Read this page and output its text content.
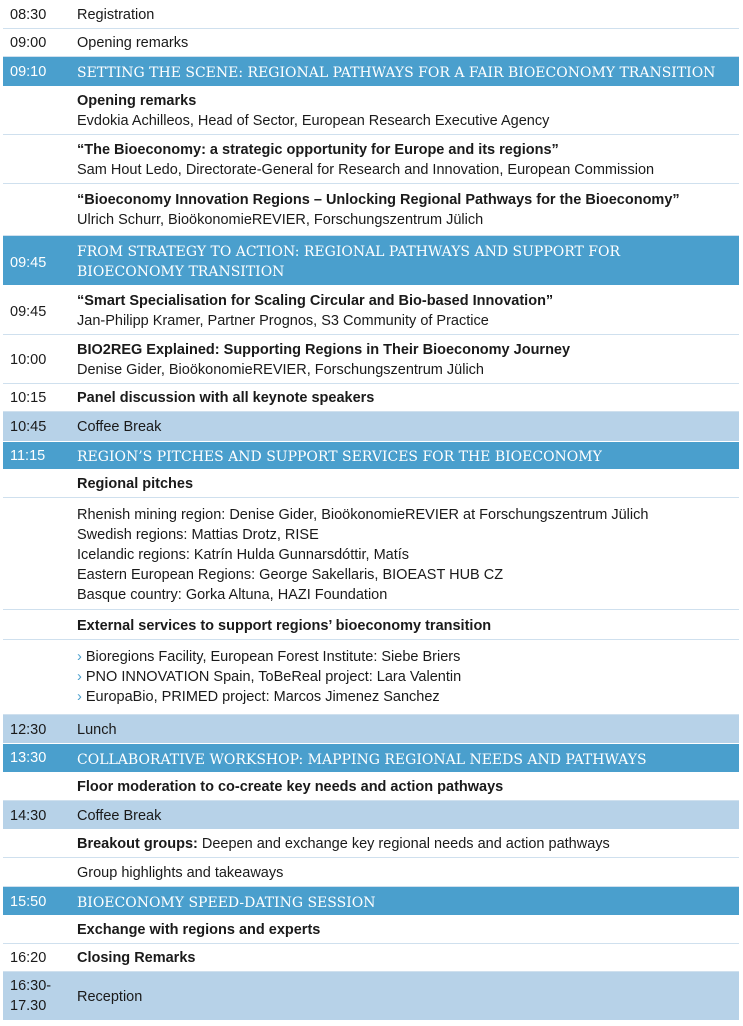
08:30 Registration
09:00 Opening remarks
09:10 SETTING THE SCENE: REGIONAL PATHWAYS FOR A FAIR BIOECONOMY TRANSITION
Opening remarks
Evdokia Achilleos, Head of Sector, European Research Executive Agency
“The Bioeconomy: a strategic opportunity for Europe and its regions”
Sam Hout Ledo, Directorate-General for Research and Innovation, European Commission
“Bioeconomy Innovation Regions – Unlocking Regional Pathways for the Bioeconomy”
Ulrich Schurr, BioökonomieREVIER, Forschungszentrum Jülich
09:45
FROM STRATEGY TO ACTION: REGIONAL PATHWAYS AND SUPPORT FOR
BIOECONOMY TRANSITION
09:45
“Smart Specialisation for Scaling Circular and Bio-based Innovation”
Jan-Philipp Kramer, Partner Prognos, S3 Community of Practice
10:00
BIO2REG Explained: Supporting Regions in Their Bioeconomy Journey
Denise Gider, BioökonomieREVIER, Forschungszentrum Jülich
10:15 Panel discussion with all keynote speakers
10:45 Coffee Break
11:15 REGION’S PITCHES AND SUPPORT SERVICES FOR THE BIOECONOMY
Regional pitches
Rhenish mining region: Denise Gider, BioökonomieREVIER at Forschungszentrum Jülich
Swedish regions: Mattias Drotz, RISE
Icelandic regions: Katrín Hulda Gunnarsdóttir, Matís
Eastern European Regions: George Sakellaris, BIOEAST HUB CZ
Basque country: Gorka Altuna, HAZI Foundation
External services to support regions’ bioeconomy transition
› Bioregions Facility, European Forest Institute: Siebe Briers
› PNO INNOVATION Spain, ToBeReal project: Lara Valentin
› EuropaBio, PRIMED project: Marcos Jimenez Sanchez
12:30 Lunch
13:30 COLLABORATIVE WORKSHOP: MAPPING REGIONAL NEEDS AND PATHWAYS
Floor moderation to co-create key needs and action pathways
14:30 Coffee Break
Breakout groups: Deepen and exchange key regional needs and action pathways
Group highlights and takeaways
15:50 BIOECONOMY SPEED-DATING SESSION
Exchange with regions and experts
16:20 Closing Remarks
16:30-
17.30
Reception
